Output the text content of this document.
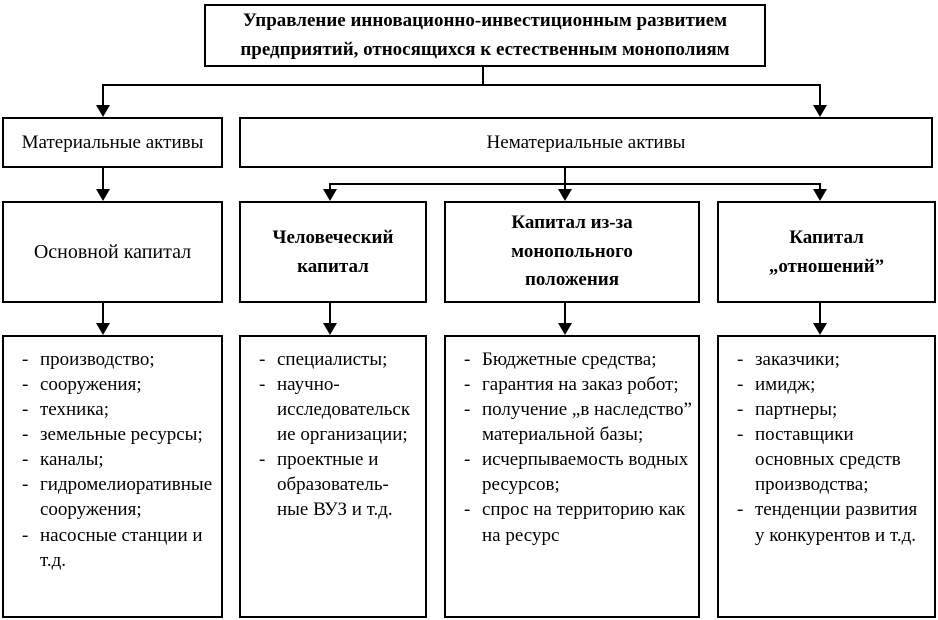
Управление инновационно-инвестиционным развитием предприятий, относящихся к естественным монополиям
Материальные активы	Нематериальные активы
Основной капитал
Человеческий капитал
Капитал из-за монопольного положения
Капитал „отношений”
- производство;
- сооружения;
- техника;
- земельные ресурсы;
- каналы;
- гидромелиоративные сооружения;
- насосные станции и т.д.
- специалисты;
- научно-исследовательские организации;
- проектные и образователь-ные ВУЗ и т.д.
- Бюджетные средства;
- гарантия на заказ робот;
- получение „в наследство” материальной базы;
- исчерпываемость водных ресурсов;
- спрос на территорию как на ресурс
- заказчики;
- имидж;
- партнеры;
- поставщики основных средств производства;
- тенденции развития у конкурентов и т.д.
